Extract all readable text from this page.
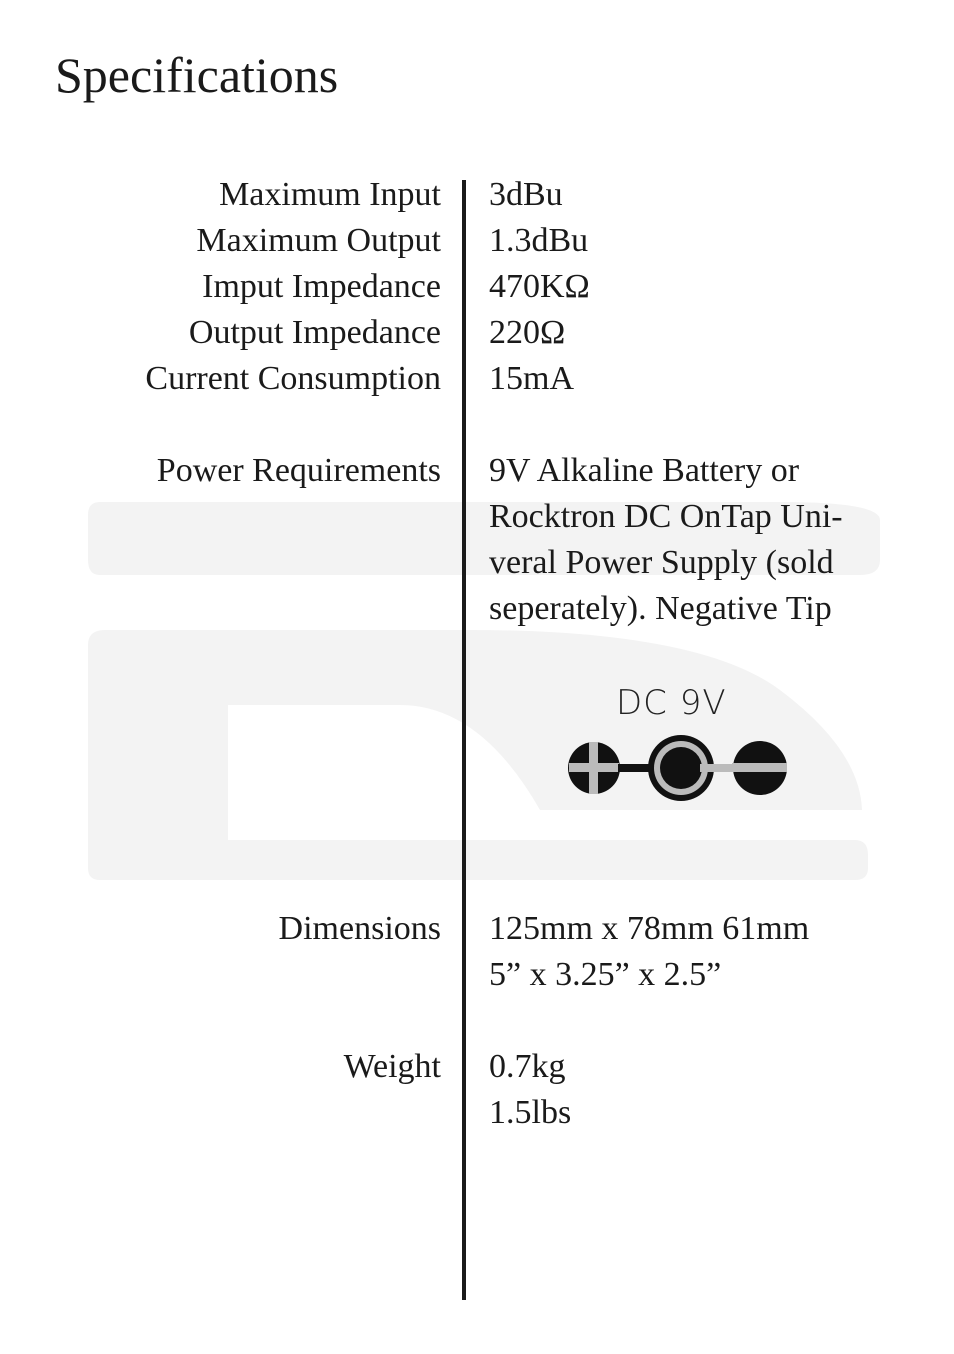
Specifications
Maximum Input 3dBu
Maximum Output 1.3dBu
Imput Impedance 470KΩ
Output Impedance 220Ω
Current Consumption 15mA
Power Requirements 9V Alkaline Battery or
Rocktron DC OnTap Uni-
veral Power Supply (sold
seperately). Negative Tip
Dimensions 125mm x 78mm 61mm
5” x 3.25” x 2.5”
Weight 0.7kg
1.5lbs
DC 9V
